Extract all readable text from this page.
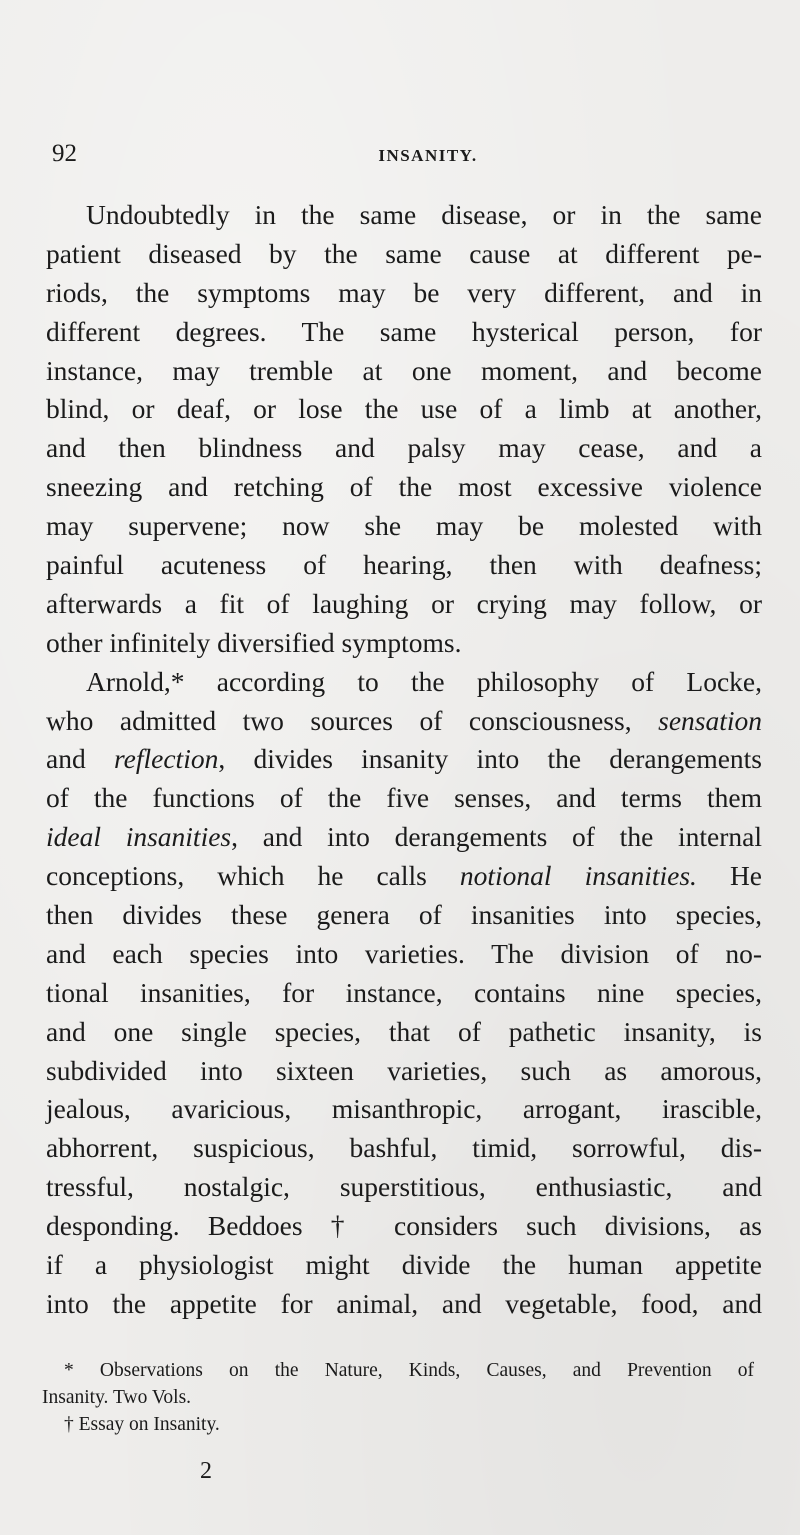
92	INSANITY.
Undoubtedly in the same disease, or in the same
patient diseased by the same cause at different pe-
riods, the symptoms may be very different, and in
different degrees. The same hysterical person, for
instance, may tremble at one moment, and become
blind, or deaf, or lose the use of a limb at another,
and then blindness and palsy may cease, and a
sneezing and retching of the most excessive violence
may supervene; now she may be molested with
painful acuteness of hearing, then with deafness;
afterwards a fit of laughing or crying may follow, or
other infinitely diversified symptoms.
Arnold,* according to the philosophy of Locke,
who admitted two sources of consciousness, sensation
and reflection, divides insanity into the derangements
of the functions of the five senses, and terms them
ideal insanities, and into derangements of the internal
conceptions, which he calls notional insanities. He
then divides these genera of insanities into species,
and each species into varieties. The division of no-
tional insanities, for instance, contains nine species,
and one single species, that of pathetic insanity, is
subdivided into sixteen varieties, such as amorous,
jealous, avaricious, misanthropic, arrogant, irascible,
abhorrent, suspicious, bashful, timid, sorrowful, dis-
tressful, nostalgic, superstitious, enthusiastic, and
desponding. Beddoes † considers such divisions, as
if a physiologist might divide the human appetite
into the appetite for animal, and vegetable, food, and
* Observations on the Nature, Kinds, Causes, and Prevention of
Insanity. Two Vols.
† Essay on Insanity.
2
